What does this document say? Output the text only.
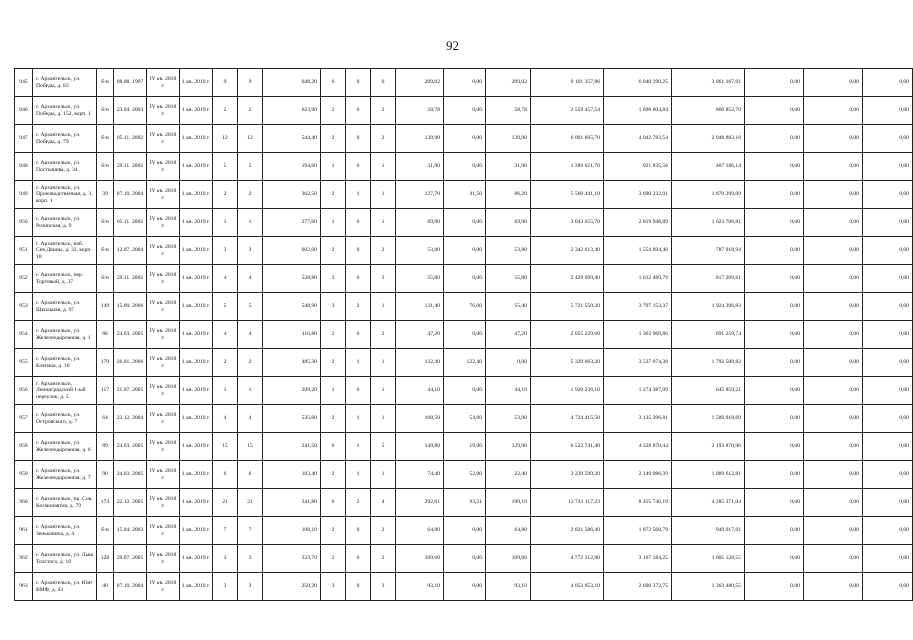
92
945	г. Архангельск, ул. Победы, д. 83	б/н	08.08. 1997	IV кв. 2018 г.	1 кв. 2019 г.	9	9	648,20	6	0	6	209,02	0,00	209,02	9 101 357,86	6 040 190,25	3 061 167,61	0,00	0,00	0,00
946	г. Архангельск, ул. Победы, д. 152, корп. 1	б/н	23.04. 2003	IV кв. 2018 г.	1 кв. 2019 г.	2	2	623,90	2	0	2	58,78	0,00	58,78	2 559 457,54	1 698 604,84	860 852,70	0,00	0,00	0,00
947	г. Архангельск, ул. Победы, д. 79	б/н	05.11. 2002	IV кв. 2018 г.	1 кв. 2019 г.	12	12	544,40	2	0	2	139,90	0,00	139,90	6 091 665,70	4 042 783,54	2 048 882,16	0,00	0,00	0,00
948	г. Архангельск, ул. Постышева, д. 34	б/н	29.11. 2002	IV кв. 2018 г.	1 кв. 2019 г.	5	5	194,60	1	0	1	31,90	0,00	31,90	1 389 021,70	921 835,56	467 186,14	0,00	0,00	0,00
949	г. Архангельск, ул. Производственная, д. 3, корп. 1	39	07.10. 2004	IV кв. 2018 г.	1 кв. 2019 г.	2	2	362,50	2	1	1	127,70	41,50	86,20	5 560 441,10	3 690 232,01	1 870 209,09	0,00	0,00	0,00
950	г. Архангельск, ул. Розинская, д. 9	б/н	05.11. 2002	IV кв. 2018 г.	1 кв. 2019 г.	1	1	277,60	1	0	1	69,90	0,00	69,90	3 043 655,70	2 019 948,89	1 023 706,81	0,00	0,00	0,00
951	г. Архангельск, наб. Сев.Двины, д. 32, корп. 10	б/н	12.07. 2004	IV кв. 2018 г.	1 кв. 2019 г.	3	3	602,00	2	0	2	53,80	0,00	53,80	2 342 613,40	1 554 694,46	787 918,94	0,00	0,00	0,00
952	г. Архангельск, пер. Торговый, д. 37	б/н	29.11. 2002	IV кв. 2018 г.	1 кв. 2019 г.	4	4	528,80	3	0	3	55,80	0,00	55,80	2 429 699,40	1 612 489,79	817 209,61	0,00	0,00	0,00
953	г. Архангельск, ул. Школьная, д. 97	149	15.09. 2006	IV кв. 2018 г.	1 кв. 2019 г.	5	5	548,90	3	2	1	131,40	76,00	55,40	5 721 550,20	3 797 153,37	1 924 396,83	0,00	0,00	0,00
954	г. Архангельск, ул. Железнодорожная, д. 1	88	24.03. 2005	IV кв. 2018 г.	1 кв. 2019 г.	4	4	116,80	2	0	2	47,20	0,00	47,20	2 055 229,60	1 363 969,86	691 259,74	0,00	0,00	0,00
955	г. Архангельск, ул. Клепача, д. 10	179	26.01. 2006	IV кв. 2018 г.	1 кв. 2019 г.	2	2	485,30	2	1	1	122,40	122,40	0,00	5 329 663,20	3 537 074,38	1 792 588,82	0,00	0,00	0,00
956	г. Архангельск, Ленинградский 1-ый переулок, д. 5	117	21.07. 2005	IV кв. 2018 г.	1 кв. 2019 г.	1	1	209,20	1	0	1	44,10	0,00	44,10	1 920 236,10	1 274 387,09	645 859,21	0,00	0,00	0,00
957	г. Архангельск, ул. Островского, д. 7	64	23.12. 2004	IV кв. 2018 г.	1 кв. 2019 г.	4	4	535,60	2	1	1	108,50	54,60	53,90	4 724 415,50	3 135 396,81	1 589 018,69	0,00	0,00	0,00
958	г. Архангельск, ул. Железнодорожная, д. 6	89	24.03. 2005	IV кв. 2018 г.	1 кв. 2019 г.	15	15	241,50	6	1	5	149,80	19,90	129,90	6 522 741,40	4 328 870,44	2 193 870,96	0,00	0,00	0,00
959	г. Архангельск, ул. Железнодорожная, д. 7	90	24.03. 2005	IV кв. 2018 г.	1 кв. 2019 г.	6	6	103,40	2	1	1	74,40	52,00	22,40	3 239 599,20	2 149 986,39	1 089 612,81	0,00	0,00	0,00
960	г. Архангельск, пр. Сов. Космонавтов, д. 79	174	22.12. 2005	IV кв. 2018 г.	1 кв. 2019 г.	21	21	341,80	6	2	4	292,61	93,51	199,10	12 741 117,23	8 455 746,19	4 285 371,04	0,00	0,00	0,00
961	г. Архангельск, ул. Зеньковича, д. 4	б/н	15.04. 2003	IV кв. 2018 г.	1 кв. 2019 г.	7	7	108,10	2	0	2	64,80	0,00	64,80	2 821 586,40	1 872 568,79	949 017,61	0,00	0,00	0,00
962	г. Архангельск, ул. Льва Толстого, д. 10	128	29.07. 2005	IV кв. 2018 г.	1 кв. 2019 г.	3	3	333,70	2	0	2	109,60	0,00	109,60	4 772 312,80	3 167 184,25	1 605 128,55	0,00	0,00	0,00
963	г. Архангельск, ул. Юнг ВМФ, д. 43	40	07.10. 2004	IV кв. 2018 г.	1 кв. 2019 г.	3	3	250,20	3	0	3	93,10	0,00	93,10	4 053 653,10	2 690 372,75	1 363 480,55	0,00	0,00	0,00
